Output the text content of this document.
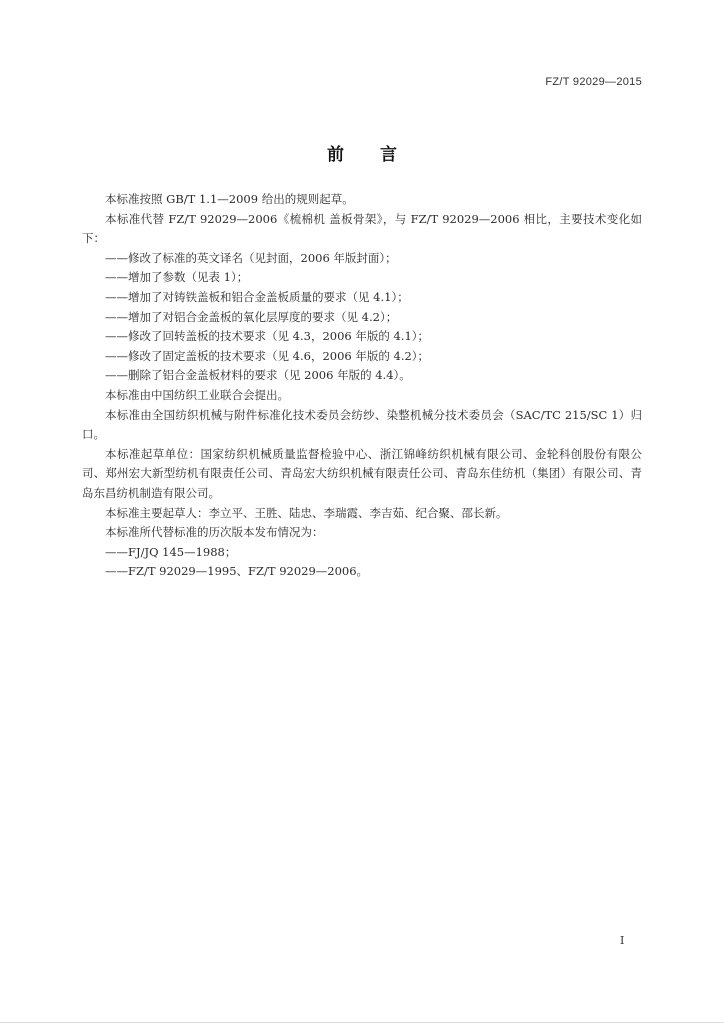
FZ/T 92029—2015
前言

本标准按照 GB/T 1.1—2009 给出的规则起草。

本标准代替 FZ/T 92029—2006《梳棉机 盖板骨架》，与 FZ/T 92029—2006 相比，主要技术变化如下：

——修改了标准的英文译名（见封面，2006 年版封面）；

——增加了参数（见表 1）；

——增加了对铸铁盖板和铝合金盖板质量的要求（见 4.1）；

——增加了对铝合金盖板的氧化层厚度的要求（见 4.2）；

——修改了回转盖板的技术要求（见 4.3，2006 年版的 4.1）；

——修改了固定盖板的技术要求（见 4.6，2006 年版的 4.2）；

——删除了铝合金盖板材料的要求（见 2006 年版的 4.4）。

本标准由中国纺织工业联合会提出。

本标准由全国纺织机械与附件标准化技术委员会纺纱、染整机械分技术委员会（SAC/TC 215/SC 1）归口。

本标准起草单位：国家纺织机械质量监督检验中心、浙江锦峰纺织机械有限公司、金轮科创股份有限公司、郑州宏大新型纺机有限责任公司、青岛宏大纺织机械有限责任公司、青岛东佳纺机（集团）有限公司、青岛东昌纺机制造有限公司。

本标准主要起草人：李立平、王胜、陆忠、李瑞霞、李吉茹、纪合聚、邵长新。

本标准所代替标准的历次版本发布情况为：

——FJ/JQ 145—1988；

——FZ/T 92029—1995、FZ/T 92029—2006。

I
